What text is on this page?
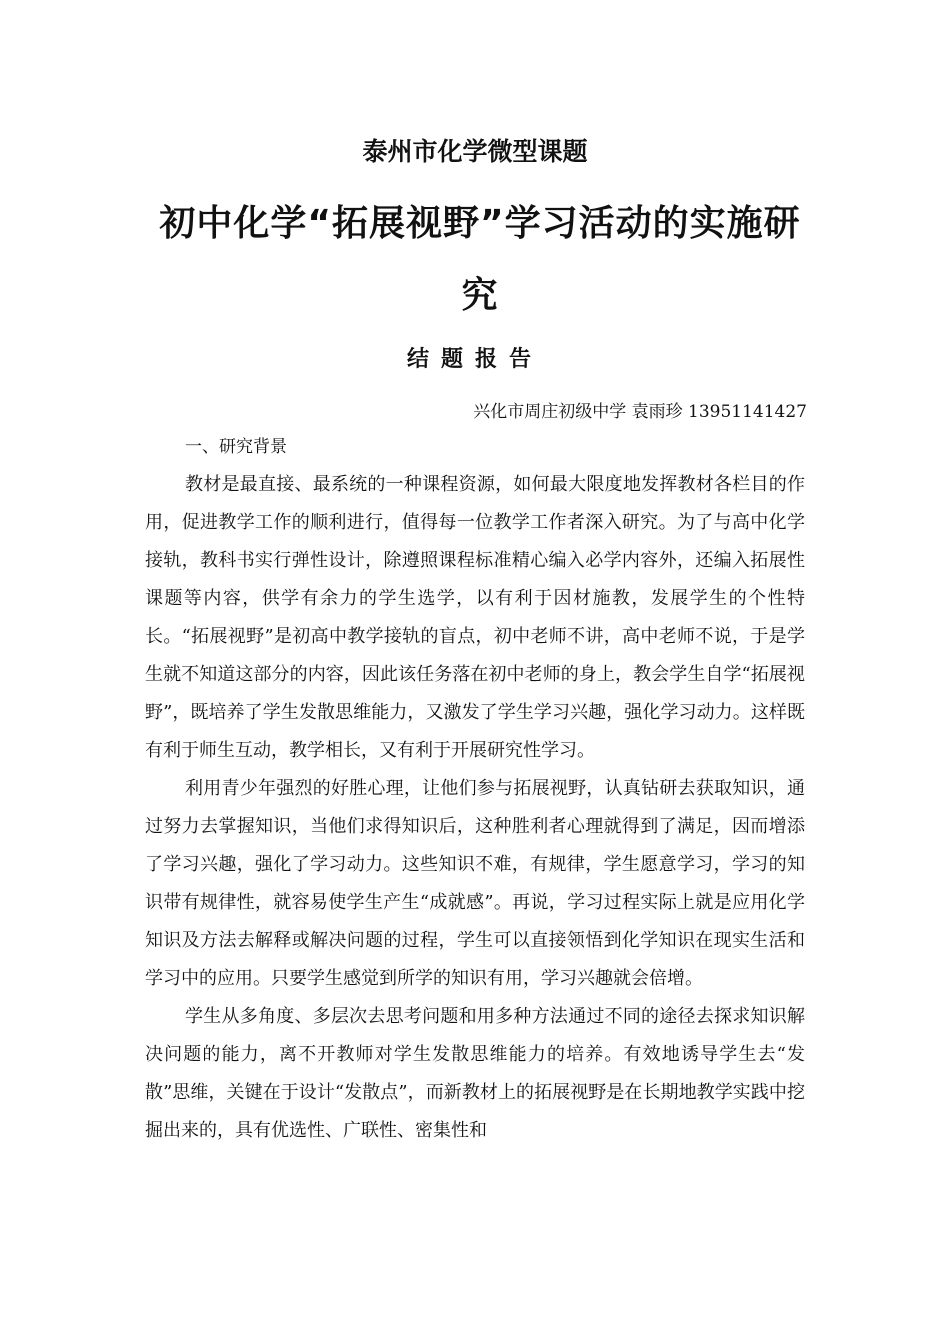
泰州市化学微型课题
初中化学“拓展视野”学习活动的实施研究
结题报告
兴化市周庄初级中学 袁雨珍 13951141427
一、研究背景

教材是最直接、最系统的一种课程资源，如何最大限度地发挥教材各栏目的作用，促进教学工作的顺利进行，值得每一位教学工作者深入研究。为了与高中化学接轨，教科书实行弹性设计，除遵照课程标准精心编入必学内容外，还编入拓展性课题等内容，供学有余力的学生选学，以有利于因材施教，发展学生的个性特长。“拓展视野”是初高中教学接轨的盲点，初中老师不讲，高中老师不说，于是学生就不知道这部分的内容，因此该任务落在初中老师的身上，教会学生自学“拓展视野”，既培养了学生发散思维能力，又激发了学生学习兴趣，强化学习动力。这样既有利于师生互动，教学相长，又有利于开展研究性学习。

利用青少年强烈的好胜心理，让他们参与拓展视野，认真钻研去获取知识，通过努力去掌握知识，当他们求得知识后，这种胜利者心理就得到了满足，因而增添了学习兴趣，强化了学习动力。这些知识不难，有规律，学生愿意学习，学习的知识带有规律性，就容易使学生产生“成就感”。再说，学习过程实际上就是应用化学知识及方法去解释或解决问题的过程，学生可以直接领悟到化学知识在现实生活和学习中的应用。只要学生感觉到所学的知识有用，学习兴趣就会倍增。

学生从多角度、多层次去思考问题和用多种方法通过不同的途径去探求知识解决问题的能力，离不开教师对学生发散思维能力的培养。有效地诱导学生去“发散”思维，关键在于设计“发散点”，而新教材上的拓展视野是在长期地教学实践中挖掘出来的，具有优选性、广联性、密集性和
